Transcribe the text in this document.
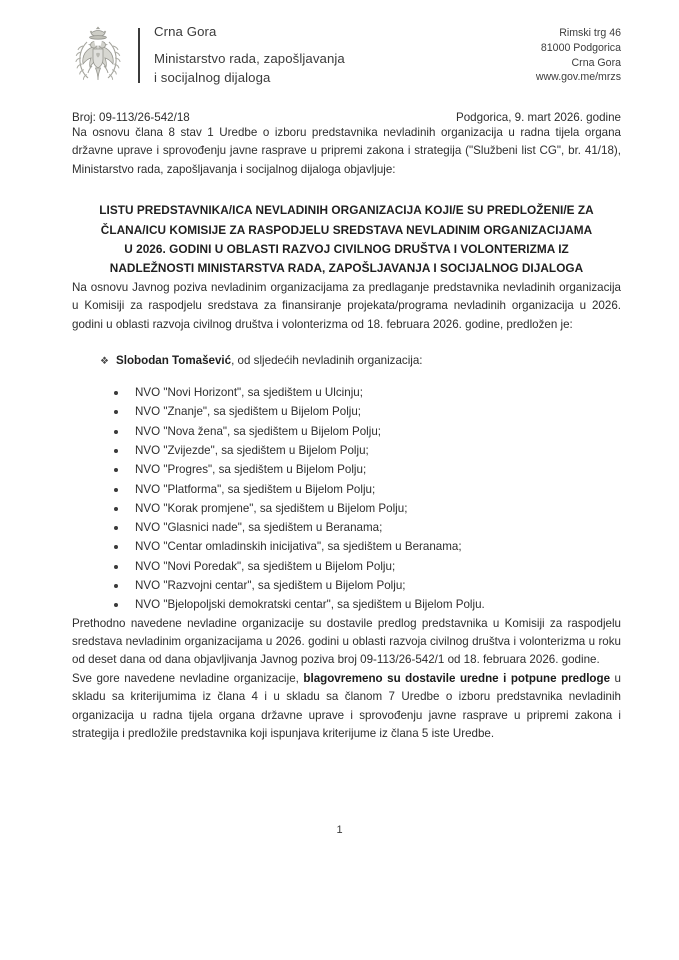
Crna Gora
Ministarstvo rada, zapošljavanja
i socijalnog dijaloga
Rimski trg 46
81000 Podgorica
Crna Gora
www.gov.me/mrzs
Broj: 09-113/26-542/18	Podgorica, 9. mart 2026. godine

Na osnovu člana 8 stav 1 Uredbe o izboru predstavnika nevladinih organizacija u radna tijela organa državne uprave i sprovođenju javne rasprave u pripremi zakona i strategija ("Službeni list CG", br. 41/18), Ministarstvo rada, zapošljavanja i socijalnog dijaloga objavljuje:

LISTU PREDSTAVNIKA/ICA NEVLADINIH ORGANIZACIJA KOJI/E SU PREDLOŽENI/E ZA
ČLANA/ICU KOMISIJE ZA RASPODJELU SREDSTAVA NEVLADINIM ORGANIZACIJAMA
U 2026. GODINI U OBLASTI RAZVOJ CIVILNOG DRUŠTVA I VOLONTERIZMA IZ
NADLEŽNOSTI MINISTARSTVA RADA, ZAPOŠLJAVANJA I SOCIJALNOG DIJALOGA

Na osnovu Javnog poziva nevladinim organizacijama za predlaganje predstavnika nevladinih organizacija u Komisiji za raspodjelu sredstava za finansiranje projekata/programa nevladinih organizacija u 2026. godini u oblasti razvoja civilnog društva i volonterizma od 18. februara 2026. godine, predložen je:

❖ Slobodan Tomašević, od sljedećih nevladinih organizacija:
NVO "Novi Horizont", sa sjedištem u Ulcinju;
NVO "Znanje", sa sjedištem u Bijelom Polju;
NVO "Nova žena", sa sjedištem u Bijelom Polju;
NVO "Zvijezde", sa sjedištem u Bijelom Polju;
NVO "Progres", sa sjedištem u Bijelom Polju;
NVO "Platforma", sa sjedištem u Bijelom Polju;
NVO "Korak promjene", sa sjedištem u Bijelom Polju;
NVO "Glasnici nade", sa sjedištem u Beranama;
NVO "Centar omladinskih inicijativa", sa sjedištem u Beranama;
NVO "Novi Poredak", sa sjedištem u Bijelom Polju;
NVO "Razvojni centar", sa sjedištem u Bijelom Polju;
NVO "Bjelopoljski demokratski centar", sa sjedištem u Bijelom Polju.

Prethodno navedene nevladine organizacije su dostavile predlog predstavnika u Komisiji za raspodjelu sredstava nevladinim organizacijama u 2026. godini u oblasti razvoja civilnog društva i volonterizma u roku od deset dana od dana objavljivanja Javnog poziva broj 09-113/26-542/1 od 18. februara 2026. godine.

Sve gore navedene nevladine organizacije, blagovremeno su dostavile uredne i potpune predloge u skladu sa kriterijumima iz člana 4 i u skladu sa članom 7 Uredbe o izboru predstavnika nevladinih organizacija u radna tijela organa državne uprave i sprovođenju javne rasprave u pripremi zakona i strategija i predložile predstavnika koji ispunjava kriterijume iz člana 5 iste Uredbe.

1
